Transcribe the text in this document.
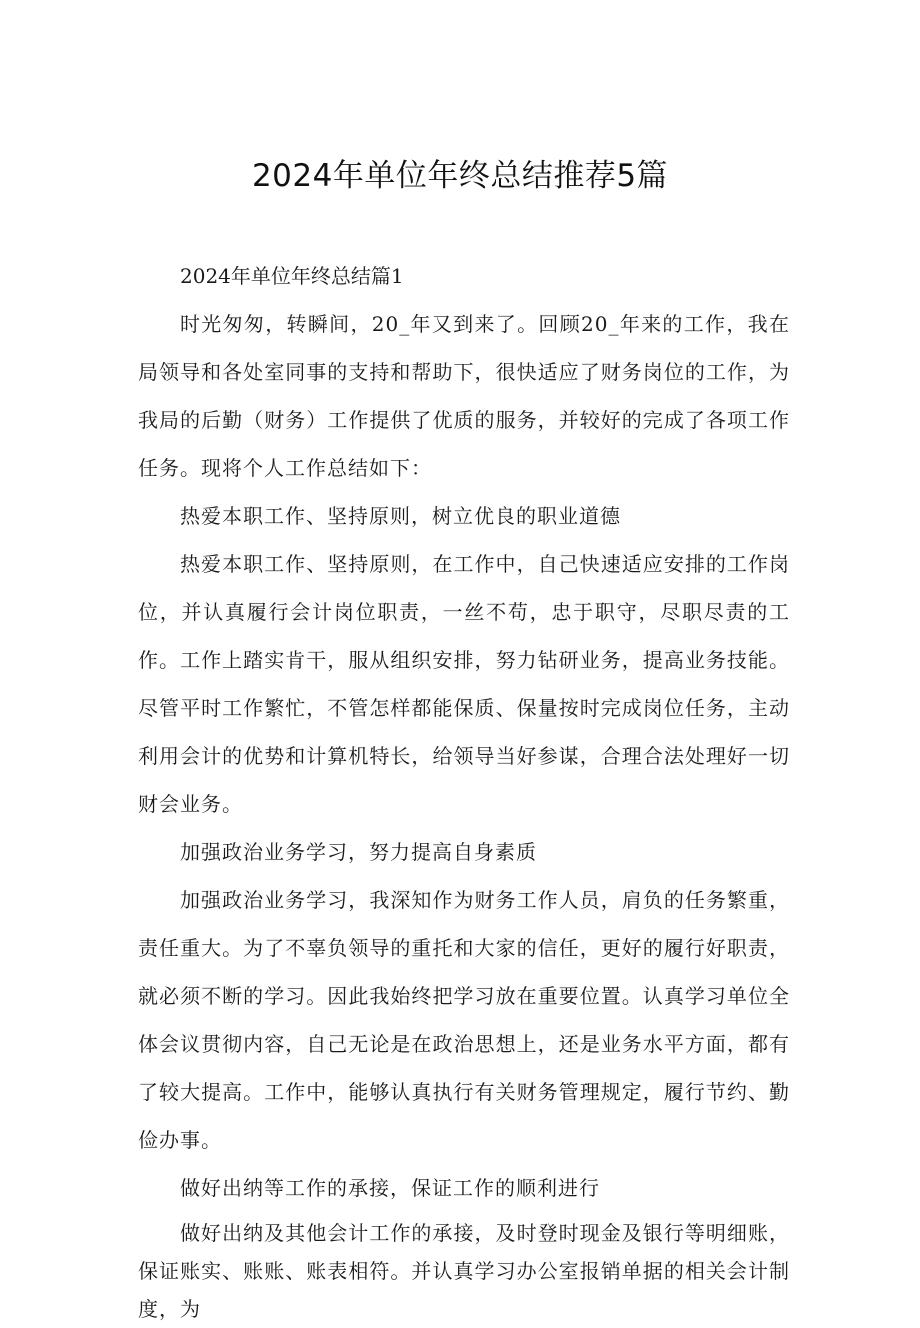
2024年单位年终总结推荐5篇

2024年单位年终总结篇1

时光匆匆，转瞬间，20_年又到来了。回顾20_年来的工作，我在局领导和各处室同事的支持和帮助下，很快适应了财务岗位的工作，为我局的后勤（财务）工作提供了优质的服务，并较好的完成了各项工作任务。现将个人工作总结如下：

热爱本职工作、坚持原则，树立优良的职业道德

热爱本职工作、坚持原则，在工作中，自己快速适应安排的工作岗位，并认真履行会计岗位职责，一丝不苟，忠于职守，尽职尽责的工作。工作上踏实肯干，服从组织安排，努力钻研业务，提高业务技能。尽管平时工作繁忙，不管怎样都能保质、保量按时完成岗位任务，主动利用会计的优势和计算机特长，给领导当好参谋，合理合法处理好一切财会业务。

加强政治业务学习，努力提高自身素质

加强政治业务学习，我深知作为财务工作人员，肩负的任务繁重，责任重大。为了不辜负领导的重托和大家的信任，更好的履行好职责，就必须不断的学习。因此我始终把学习放在重要位置。认真学习单位全体会议贯彻内容，自己无论是在政治思想上，还是业务水平方面，都有了较大提高。工作中，能够认真执行有关财务管理规定，履行节约、勤俭办事。

做好出纳等工作的承接，保证工作的顺利进行

做好出纳及其他会计工作的承接，及时登时现金及银行等明细账，保证账实、账账、账表相符。并认真学习办公室报销单据的相关会计制度，为
